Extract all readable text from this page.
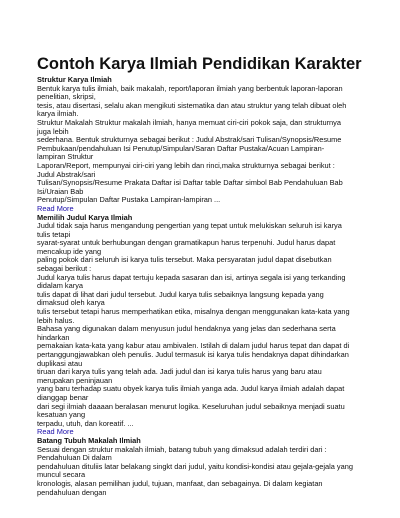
Contoh Karya Ilmiah Pendidikan Karakter
Struktur Karya Ilmiah
Bentuk karya tulis ilmiah, baik makalah, report/laporan ilmiah yang berbentuk laporan-laporan
penelitian, skripsi,
tesis, atau disertasi, selalu akan mengikuti sistematika dan atau struktur yang telah dibuat oleh
karya ilmiah.
Struktur Makalah Struktur makalah ilmiah, hanya memuat ciri-ciri pokok saja, dan strukturnya
juga lebih
sederhana. Bentuk strukturnya sebagai berikut : Judul Abstrak/sari Tulisan/Synopsis/Resume
Pembukaan/pendahuluan Isi Penutup/Simpulan/Saran Daftar Pustaka/Acuan Lampiran-
lampiran Struktur
Laporan/Report, mempunyai ciri-ciri yang lebih dan rinci,maka strukturnya sebagai berikut :
Judul Abstrak/sari
Tulisan/Synopsis/Resume Prakata Daftar isi Daftar table Daftar simbol Bab Pendahuluan Bab
Isi/Uraian Bab
Penutup/Simpulan Daftar Pustaka Lampiran-lampiran ...
Read More
Memilih Judul Karya Ilmiah
Judul tidak saja harus mengandung pengertian yang tepat untuk melukiskan seluruh isi karya
tulis tetapi
syarat-syarat untuk berhubungan dengan gramatikapun harus terpenuhi. Judul harus dapat
mencakup ide yang
paling pokok dari seluruh isi karya tulis tersebut. Maka persyaratan judul dapat disebutkan
sebagai berikut :
Judul karya tulis harus dapat tertuju kepada sasaran dan isi, artinya segala isi yang terkanding
didalam karya
tulis dapat di lihat dari judul tersebut. Judul karya tulis sebaiknya langsung kepada yang
dimaksud oleh karya
tulis tersebut tetapi harus memperhatikan etika, misalnya dengan menggunakan kata-kata yang
lebih halus.
Bahasa yang digunakan dalam menyusun judul hendaknya yang jelas dan sederhana serta
hindarkan
pemakaian kata-kata yang kabur atau ambivalen. Istilah di dalam judul harus tepat dan dapat di
pertanggungjawabkan oleh penulis. Judul termasuk isi karya tulis hendaknya dapat dihindarkan
duplikasi atau
tiruan dari karya tulis yang telah ada. Jadi judul dan isi karya tulis harus yang baru atau
merupakan peninjauan
yang baru terhadap suatu obyek karya tulis ilmiah yanga ada. Judul karya ilmiah adalah dapat
dianggap benar
dari segi ilmiah daaaan beralasan menurut logika. Keseluruhan judul sebaiknya menjadi suatu
kesatuan yang
terpadu, utuh, dan koreatif. ...
Read More
Batang Tubuh Makalah Ilmiah
Sesuai dengan struktur makalah ilmiah, batang tubuh yang dimaksud adalah terdiri dari :
Pendahuluan Di dalam
pendahuluan dituliis latar belakang singkt dari judul, yaitu kondisi-kondisi atau gejala-gejala yang
muncul secara
kronologis, alasan pemilihan judul, tujuan, manfaat, dan sebagainya. Di dalam kegiatan
pendahuluan dengan
